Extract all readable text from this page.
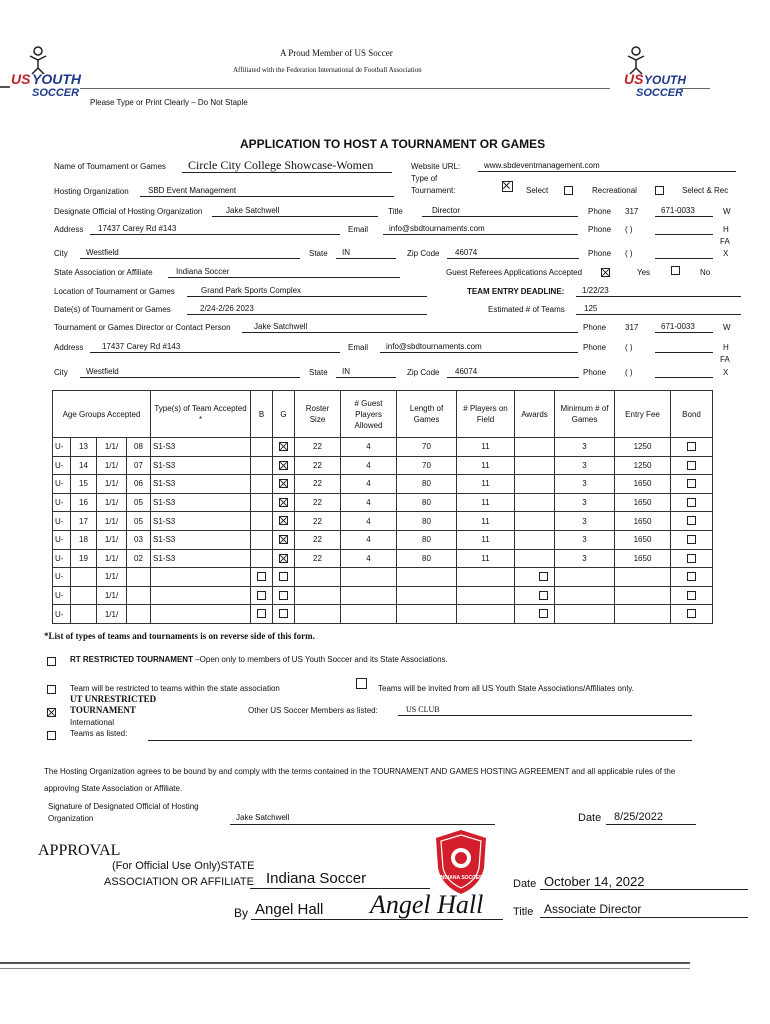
US YOUTH
SOCCER
US YOUTH
SOCCER
A Proud Member of US Soccer
Affiliated with the Federation International de Football Association
Please Type or Print Clearly – Do Not Staple
APPLICATION TO HOST A TOURNAMENT OR GAMES
Name of Tournament or Games	Circle City College Showcase-Women	Website URL:	www.sbdeventmanagement.com
Type of
Tournament:	Select	Recreational	Select & Rec
Hosting Organization	SBD Event Management
Designate Official of Hosting Organization	Jake Satchwell	Title	Director	Phone 317	671-0033	W
Address	17437 Carey Rd #143	Email	info@sbdtournaments.com	Phone ( )	H
FA
City	Westfield	State	IN	Zip Code	46074	Phone ( )	X
State Association or Affiliate	Indiana Soccer	Guest Referees Applications Accepted	Yes	No
Location of Tournament or Games	Grand Park Sports Complex	TEAM ENTRY DEADLINE:	1/22/23
Date(s) of Tournament or Games	2/24-2/26 2023	Estimated # of Teams	125
Tournament or Games Director or Contact Person	Jake Satchwell	Phone 317	671-0033	W
Address	17437 Carey Rd #143	Email	info@sbdtournaments.com	Phone ( )	H
FA
City	Westfield	State	IN	Zip Code	46074	Phone ( )	X
Age Groups Accepted				Type(s) of Team Accepted *	B	G	Roster Size	# Guest Players Allowed	Length of Games	# Players on Field	Awards	Minimum # of Games	Entry Fee	Bond
U-	13	1/1/	08	S1-S3			22	4	70	11		3	1250	

U-	14	1/1/	07	S1-S3			22	4	70	11		3	1250	

U-	15	1/1/	06	S1-S3			22	4	80	11		3	1650	

U-	16	1/1/	05	S1-S3			22	4	80	11		3	1650	

U-	17	1/1/	05	S1-S3			22	4	80	11		3	1650	

U-	18	1/1/	03	S1-S3			22	4	80	11		3	1650	

U-	19	1/1/	02	S1-S3			22	4	80	11		3	1650	

U-		1/1/			

U-		1/1/			

U-		1/1/			

*List of types of teams and tournaments is on reverse side of this form.
RT RESTRICTED TOURNAMENT –Open only to members of US Youth Soccer and its State Associations.
Team will be restricted to teams within the state association	Teams will be invited from all US Youth State Associations/Affiliates only.
UT UNRESTRICTED
TOURNAMENT	Other US Soccer Members as listed:	US CLUB
International
Teams as listed:
The Hosting Organization agrees to be bound by and comply with the terms contained in the TOURNAMENT AND GAMES HOSTING AGREEMENT and all applicable rules of the
approving State Association or Affiliate.
Signature of Designated Official of Hosting
Organization	Jake Satchwell	Date	8/25/2022
APPROVAL
(For Official Use Only)STATE
ASSOCIATION OR AFFILIATE Indiana Soccer	INDIANA SOCCER	Date October 14, 2022
By Angel Hall	Angel Hall	Title Associate Director
